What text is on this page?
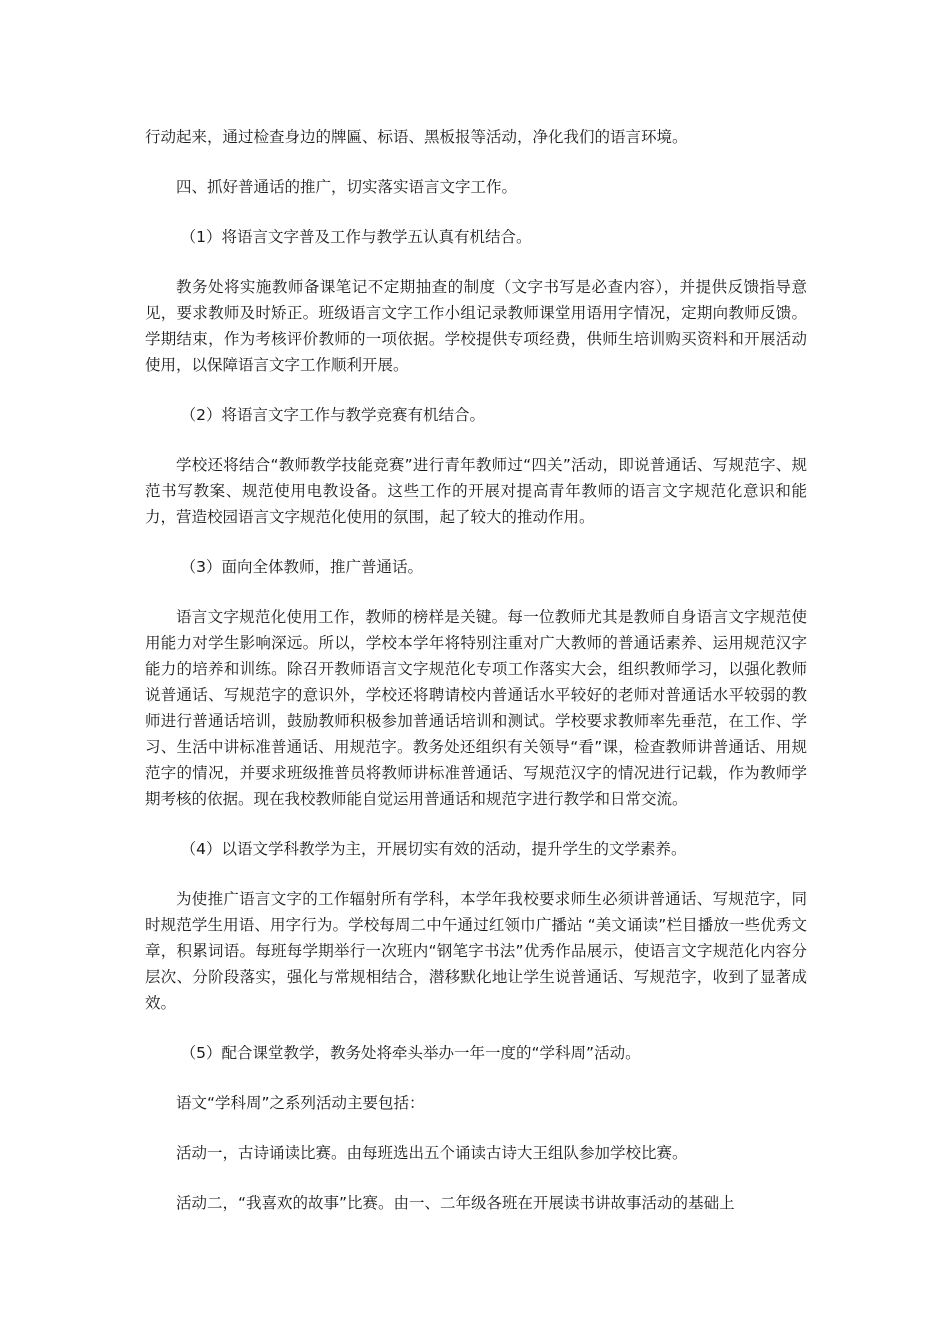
行动起来，通过检查身边的牌匾、标语、黑板报等活动，净化我们的语言环境。

四、抓好普通话的推广，切实落实语言文字工作。

（1）将语言文字普及工作与教学五认真有机结合。

教务处将实施教师备课笔记不定期抽查的制度（文字书写是必查内容），并提供反馈指导意见，要求教师及时矫正。班级语言文字工作小组记录教师课堂用语用字情况，定期向教师反馈。学期结束，作为考核评价教师的一项依据。学校提供专项经费，供师生培训购买资料和开展活动使用，以保障语言文字工作顺利开展。

（2）将语言文字工作与教学竞赛有机结合。

学校还将结合“教师教学技能竞赛”进行青年教师过“四关”活动，即说普通话、写规范字、规范书写教案、规范使用电教设备。这些工作的开展对提高青年教师的语言文字规范化意识和能力，营造校园语言文字规范化使用的氛围，起了较大的推动作用。

（3）面向全体教师，推广普通话。

语言文字规范化使用工作，教师的榜样是关键。每一位教师尤其是教师自身语言文字规范使用能力对学生影响深远。所以，学校本学年将特别注重对广大教师的普通话素养、运用规范汉字能力的培养和训练。除召开教师语言文字规范化专项工作落实大会，组织教师学习，以强化教师说普通话、写规范字的意识外，学校还将聘请校内普通话水平较好的老师对普通话水平较弱的教师进行普通话培训，鼓励教师积极参加普通话培训和测试。学校要求教师率先垂范，在工作、学习、生活中讲标准普通话、用规范字。教务处还组织有关领导“看”课，检查教师讲普通话、用规范字的情况，并要求班级推普员将教师讲标准普通话、写规范汉字的情况进行记载，作为教师学期考核的依据。现在我校教师能自觉运用普通话和规范字进行教学和日常交流。

（4）以语文学科教学为主，开展切实有效的活动，提升学生的文学素养。

为使推广语言文字的工作辐射所有学科，本学年我校要求师生必须讲普通话、写规范字，同时规范学生用语、用字行为。学校每周二中午通过红领巾广播站 “美文诵读”栏目播放一些优秀文章，积累词语。每班每学期举行一次班内“钢笔字书法”优秀作品展示，使语言文字规范化内容分层次、分阶段落实，强化与常规相结合，潜移默化地让学生说普通话、写规范字，收到了显著成效。

（5）配合课堂教学，教务处将牵头举办一年一度的“学科周”活动。

语文“学科周”之系列活动主要包括：

活动一，古诗诵读比赛。由每班选出五个诵读古诗大王组队参加学校比赛。

活动二，“我喜欢的故事”比赛。由一、二年级各班在开展读书讲故事活动的基础上
